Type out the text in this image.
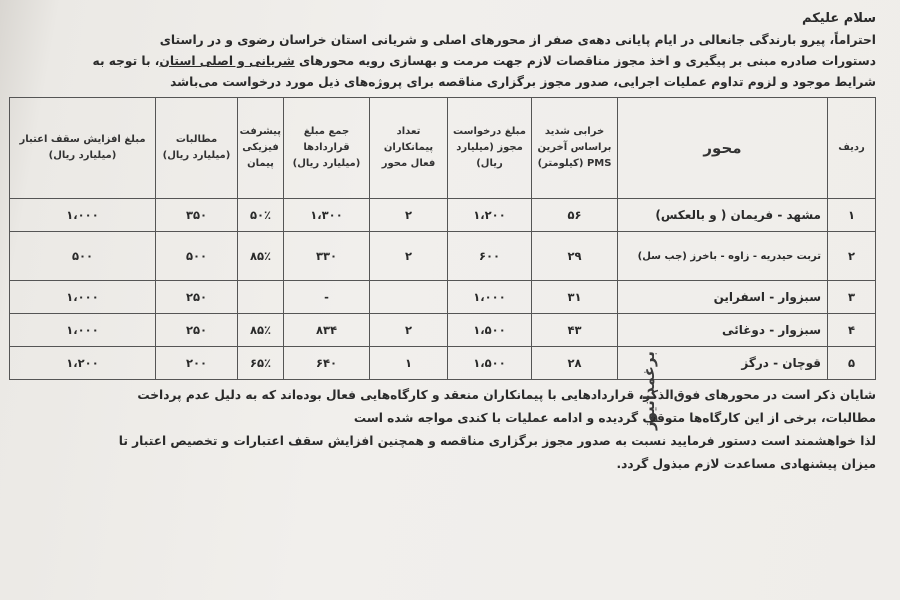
سلام علیکم

احتراماً، پیرو بارندگی جانعالی در ایام پایانی دهه‌ی صفر از محورهای اصلی و شریانی استان خراسان رضوی و در راستای

دستورات صادره مبنی بر پیگیری و اخذ مجوز مناقصات لازم جهت مرمت و بهسازی رویه محورهای شریانی و اصلی استان، با توجه به

شرایط موجود و لزوم تداوم عملیات اجرایی، صدور مجوز برگزاری مناقصه برای پروژه‌های ذیل مورد درخواست می‌باشد

ردیف	محور	خرابی شدید براساس آخرین PMS (کیلومتر)	مبلغ درخواست مجوز (میلیارد ریال)	تعداد پیمانکاران فعال محور	جمع مبلغ قراردادها (میلیارد ریال)	پیشرفت فیزیکی پیمان	مطالبات (میلیارد ریال)	مبلغ افزایش سقف اعتبار (میلیارد ریال)
۱	مشهد - فریمان ( و بالعکس)	۵۶	۱،۲۰۰	۲	۱،۳۰۰	۵۰٪	۳۵۰	۱،۰۰۰
۲	تربت حیدریه - زاوه - باخرز (جب سل)	۲۹	۶۰۰	۲	۳۳۰	۸۵٪	۵۰۰	۵۰۰
۳	سبزوار - اسفراین	۳۱	۱،۰۰۰		-		۲۵۰	۱،۰۰۰
۴	سبزوار - دوغائی	۴۳	۱،۵۰۰	۲	۸۳۴	۸۵٪	۲۵۰	۱،۰۰۰
۵	قوچان - درگز	۲۸	۱،۵۰۰	۱	۶۴۰	۶۵٪	۲۰۰	۱،۲۰۰

شایان ذکر است در محورهای فوق‌الذکر، قراردادهایی با پیمانکاران منعقد و کارگاه‌هایی فعال بوده‌اند که به دلیل عدم پرداخت

مطالبات، برخی از این کارگاه‌ها متوقف گردیده و ادامه عملیات با کندی مواجه شده است

لذا خواهشمند است دستور فرمایید نسبت به صدور مجوز برگزاری مناقصه و همچنین افزایش سقف اعتبارات و تخصیص اعتبار تا

میزان پیشنهادی مساعدت لازم مبذول گردد.

برغمدانیوز
